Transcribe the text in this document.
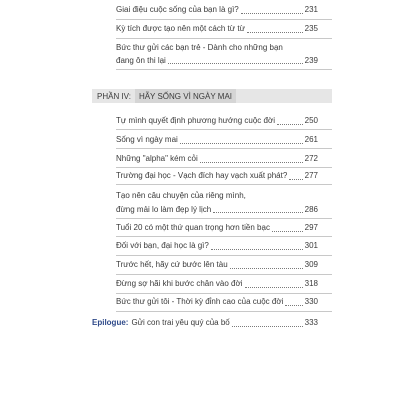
Giai điệu cuộc sống của bạn là gì?	231
Kỳ tích được tạo nên một cách từ từ	235
Bức thư gửi các bạn trẻ - Dành cho những bạn
đang ôn thi lại	239
PHẦN IV:	HÃY SỐNG VÌ NGÀY MAI
Tự mình quyết định phương hướng cuộc đời	250
Sống vì ngày mai	261
Những "alpha" kém cỏi	272
Trường đại học - Vạch đích hay vạch xuất phát? 277
Tạo nên câu chuyện của riêng mình,
đừng mải lo làm đẹp lý lịch	286
Tuổi 20 có một thứ quan trọng hơn tiền bạc	297
Đối với bạn, đại học là gì?	301
Trước hết, hãy cứ bước lên tàu	309
Đừng sợ hãi khi bước chân vào đời	318
Bức thư gửi tôi - Thời kỳ đỉnh cao của cuộc đời	330
Epilogue: Gửi con trai yêu quý của bố	333
